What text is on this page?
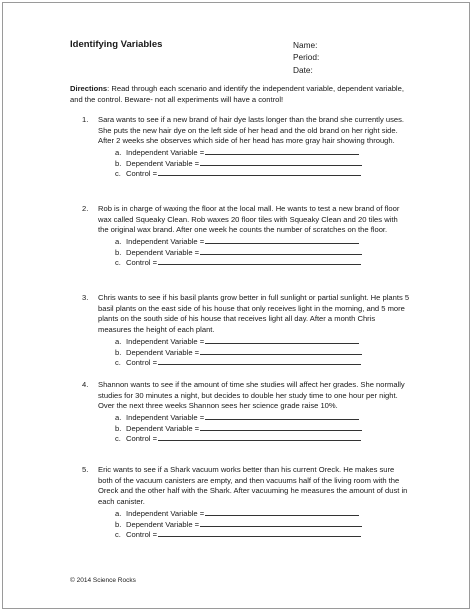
Identifying Variables	Name:
Period:
Date:
Directions: Read through each scenario and identify the independent variable, dependent variable, and the control. Beware- not all experiments will have a control!
1. Sara wants to see if a new brand of hair dye lasts longer than the brand she currently uses. She puts the new hair dye on the left side of her head and the old brand on her right side. After 2 weeks she observes which side of her head has more gray hair showing through.
a. Independent Variable =
b. Dependent Variable =
c. Control =
2. Rob is in charge of waxing the floor at the local mall. He wants to test a new brand of floor wax called Squeaky Clean. Rob waxes 20 floor tiles with Squeaky Clean and 20 tiles with the original wax brand. After one week he counts the number of scratches on the floor.
a. Independent Variable =
b. Dependent Variable =
c. Control =
3. Chris wants to see if his basil plants grow better in full sunlight or partial sunlight. He plants 5 basil plants on the east side of his house that only receives light in the morning, and 5 more plants on the south side of his house that receives light all day. After a month Chris measures the height of each plant.
a. Independent Variable =
b. Dependent Variable =
c. Control =
4. Shannon wants to see if the amount of time she studies will affect her grades. She normally studies for 30 minutes a night, but decides to double her study time to one hour per night. Over the next three weeks Shannon sees her science grade raise 10%.
a. Independent Variable =
b. Dependent Variable =
c. Control =
5. Eric wants to see if a Shark vacuum works better than his current Oreck. He makes sure both of the vacuum canisters are empty, and then vacuums half of the living room with the Oreck and the other half with the Shark. After vacuuming he measures the amount of dust in each canister.
a. Independent Variable =
b. Dependent Variable =
c. Control =
© 2014 Science Rocks
